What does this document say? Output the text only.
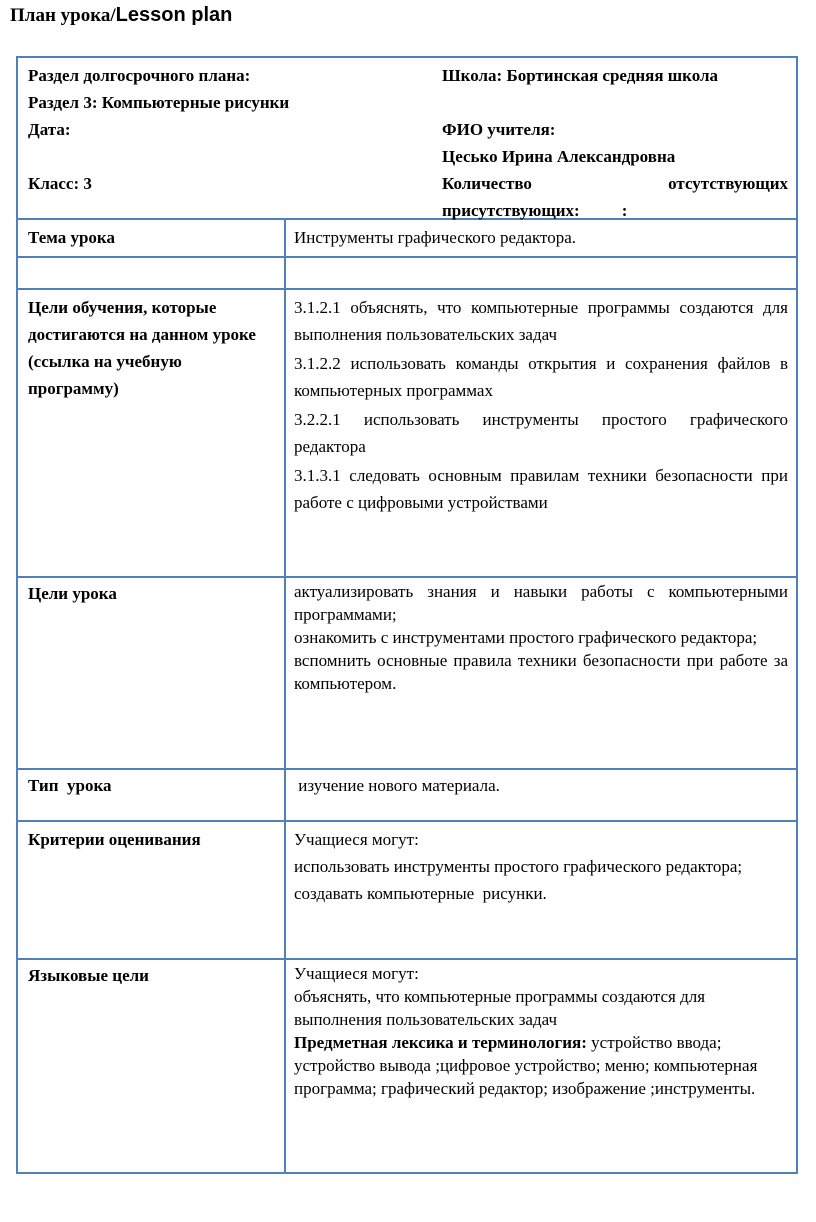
План урока/Lesson plan
Раздел долгосрочного плана:
Раздел 3: Компьютерные рисунки
Дата:
Класс: 3
Школа: Бортинская средняя школа
ФИО учителя:
Цесько Ирина Александровна
Количество	отсутствующих
присутствующих: :
Тема урока	Инструменты графического редактора.
Цели обучения, которые достигаются на данном уроке (ссылка на учебную программу)
3.1.2.1 объяснять, что компьютерные программы создаются для выполнения пользовательских задач
3.1.2.2 использовать команды открытия и сохранения файлов в компьютерных программах
3.2.2.1 использовать инструменты простого графического редактора
3.1.3.1 следовать основным правилам техники безопасности при работе с цифровыми устройствами
Цели урока	актуализировать знания и навыки работы с компьютерными программами;
ознакомить с инструментами простого графического редактора;
вспомнить основные правила техники безопасности при работе за компьютером.
Тип  урока	изучение нового материала.
Критерии оценивания	Учащиеся могут:
использовать инструменты простого графического редактора;
создавать компьютерные  рисунки.
Языковые цели	Учащиеся могут:
объяснять, что компьютерные программы создаются для выполнения пользовательских задач
Предметная лексика и терминология: устройство ввода; устройство вывода ;цифровое устройство; меню; компьютерная программа; графический редактор; изображение ;инструменты.
